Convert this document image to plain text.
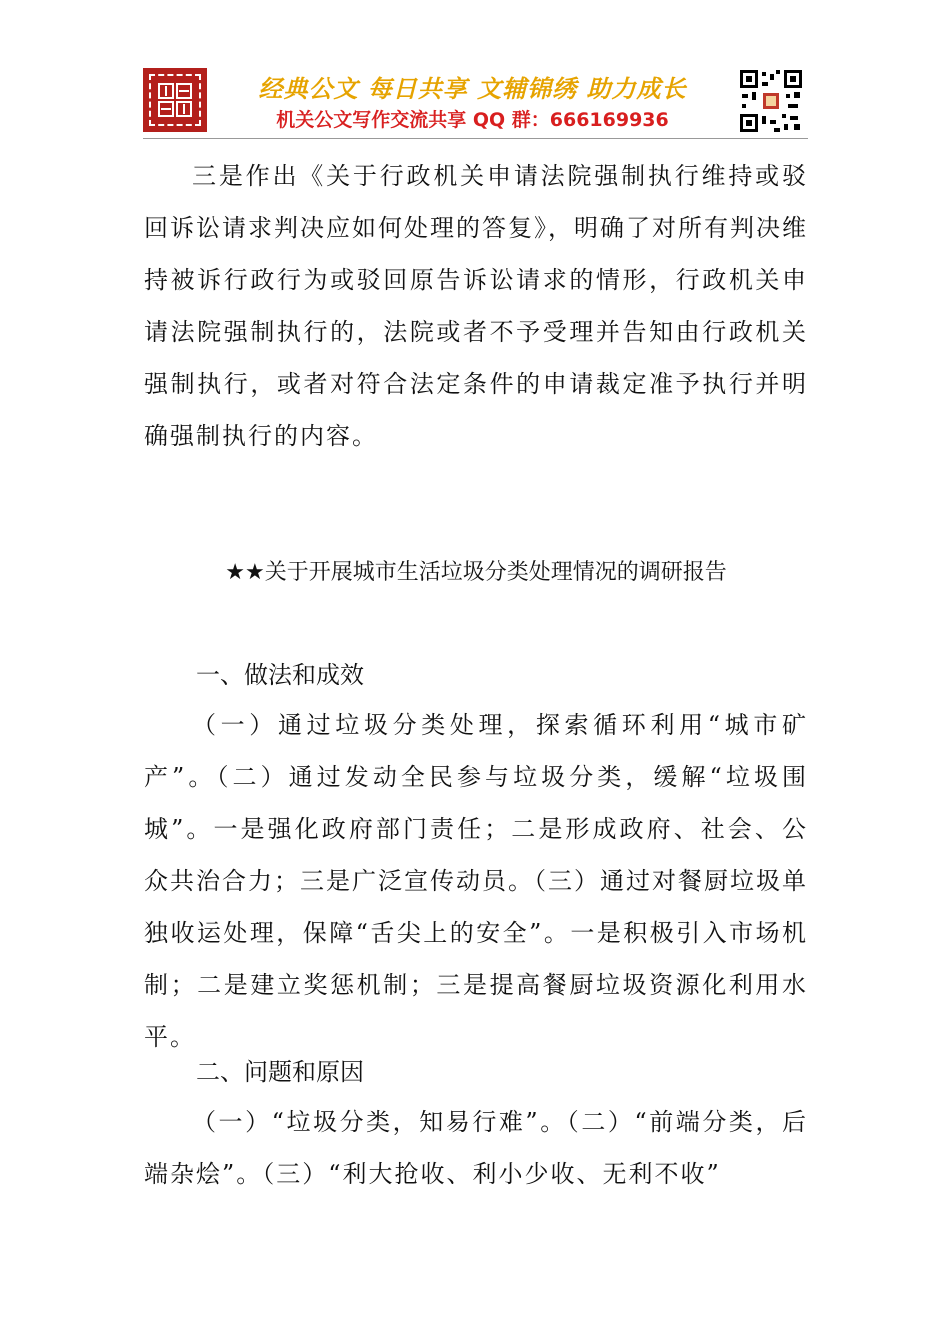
经典公文 每日共享 文辅锦绣 助力成长
机关公文写作交流共享 QQ 群：666169936
三是作出《关于行政机关申请法院强制执行维持或驳回诉讼请求判决应如何处理的答复》，明确了对所有判决维持被诉行政行为或驳回原告诉讼请求的情形，行政机关申请法院强制执行的，法院或者不予受理并告知由行政机关强制执行，或者对符合法定条件的申请裁定准予执行并明确强制执行的内容。
★★关于开展城市生活垃圾分类处理情况的调研报告
一、做法和成效
（一）通过垃圾分类处理，探索循环利用“城市矿产”。（二）通过发动全民参与垃圾分类，缓解“垃圾围城”。一是强化政府部门责任；二是形成政府、社会、公众共治合力；三是广泛宣传动员。（三）通过对餐厨垃圾单独收运处理，保障“舌尖上的安全”。一是积极引入市场机制；二是建立奖惩机制；三是提高餐厨垃圾资源化利用水平。
二、问题和原因
（一）“垃圾分类，知易行难”。（二）“前端分类，后端杂烩”。（三）“利大抢收、利小少收、无利不收”
